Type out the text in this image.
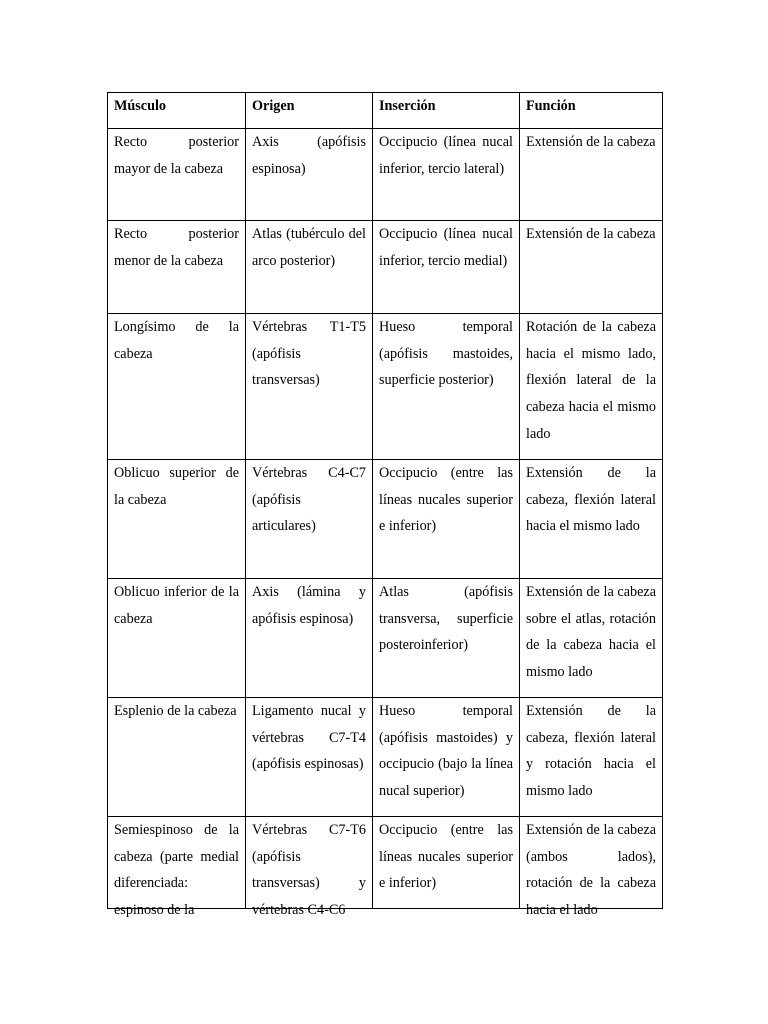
Músculo	Origen	Inserción	Función
Recto posterior mayor de la cabeza	Axis (apófisis espinosa)	Occipucio (línea nucal inferior, tercio lateral)	Extensión de la cabeza
Recto posterior menor de la cabeza	Atlas (tubérculo del arco posterior)	Occipucio (línea nucal inferior, tercio medial)	Extensión de la cabeza
Longísimo de la cabeza	Vértebras T1-T5 (apófisis transversas)	Hueso temporal (apófisis mastoides, superficie posterior)	Rotación de la cabeza hacia el mismo lado, flexión lateral de la cabeza hacia el mismo lado
Oblicuo superior de la cabeza	Vértebras C4-C7 (apófisis articulares)	Occipucio (entre las líneas nucales superior e inferior)	Extensión de la cabeza, flexión lateral hacia el mismo lado
Oblicuo inferior de la cabeza	Axis (lámina y apófisis espinosa)	Atlas (apófisis transversa, superficie posteroinferior)	Extensión de la cabeza sobre el atlas, rotación de la cabeza hacia el mismo lado
Esplenio de la cabeza	Ligamento nucal y vértebras C7-T4 (apófisis espinosas)	Hueso temporal (apófisis mastoides) y occipucio (bajo la línea nucal superior)	Extensión de la cabeza, flexión lateral y rotación hacia el mismo lado

Semiespinoso de la cabeza (parte medial diferenciada: espinoso de la	Vértebras C7-T6 (apófisis transversas) y vértebras C4-C6	Occipucio (entre las líneas nucales superior e inferior)	Extensión de la cabeza (ambos lados), rotación de la cabeza hacia el lado
